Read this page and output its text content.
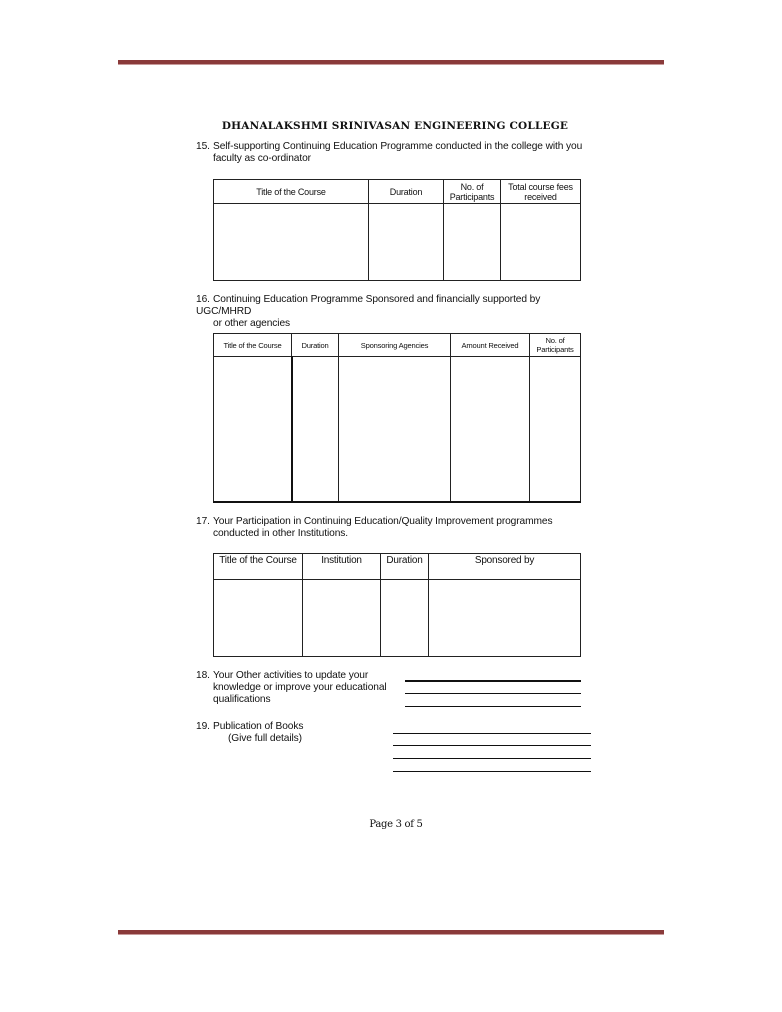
DHANALAKSHMI SRINIVASAN ENGINEERING COLLEGE
15. Self-supporting Continuing Education Programme conducted in the college with you
faculty as co-ordinator
Title of the Course	Duration	No. of Participants	Total course fees received

16. Continuing Education Programme Sponsored and financially supported by UGC/MHRD
or other agencies
Title of the Course	Duration	Sponsoring Agencies	Amount Received	No. of Participants

17. Your Participation in Continuing Education/Quality Improvement programmes
conducted in other Institutions.
Title of the Course	Institution	Duration	Sponsored by

18. Your Other activities to update your
knowledge or improve your educational
qualifications
19. Publication of Books
(Give full details)
Page 3 of 5
